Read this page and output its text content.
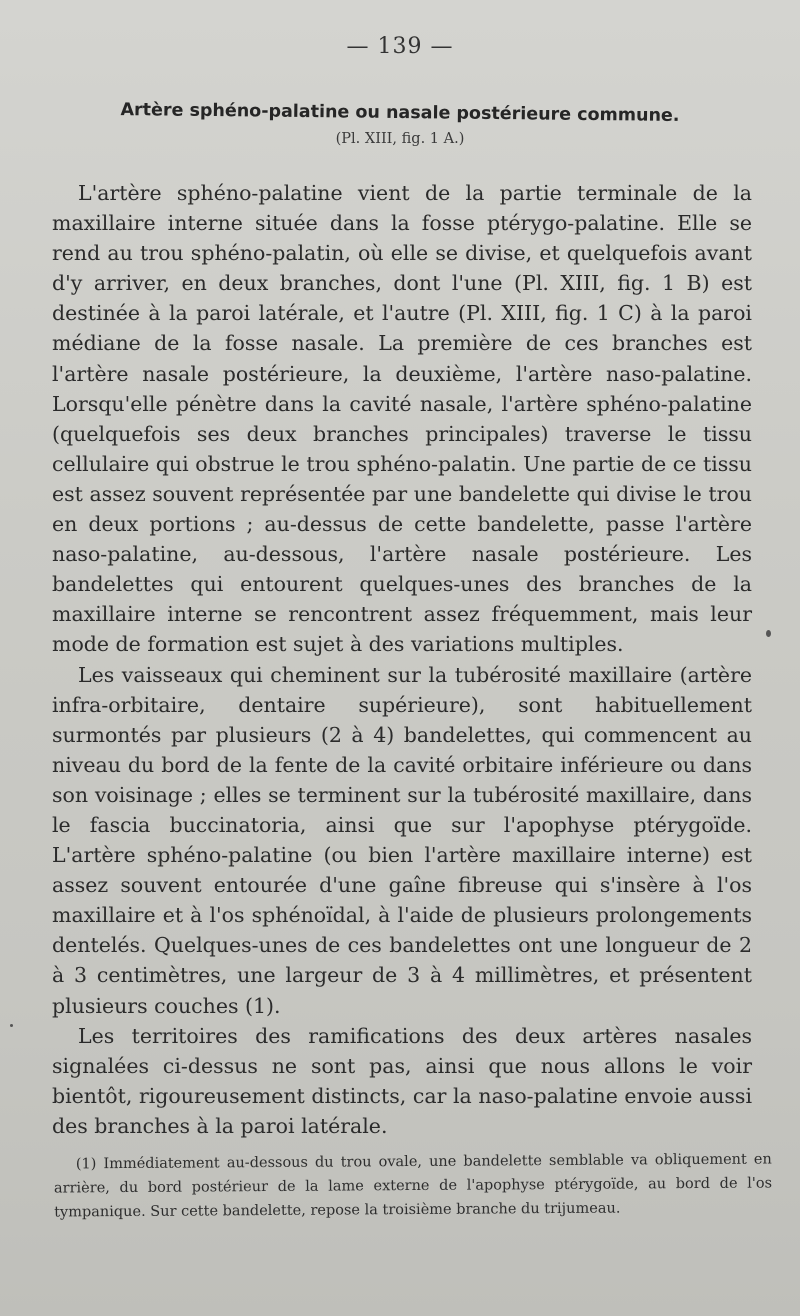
— 139 —
Artère sphéno-palatine ou nasale postérieure commune.
(Pl. XIII, fig. 1 A.)

L'artère sphéno-palatine vient de la partie terminale de la maxillaire interne située dans la fosse ptérygo-palatine. Elle se rend au trou sphéno-palatin, où elle se divise, et quelquefois avant d'y arriver, en deux branches, dont l'une (Pl. XIII, fig. 1 B) est destinée à la paroi latérale, et l'autre (Pl. XIII, fig. 1 C) à la paroi médiane de la fosse nasale. La première de ces branches est l'artère nasale postérieure, la deuxième, l'artère naso-palatine. Lorsqu'elle pénètre dans la cavité nasale, l'artère sphéno-palatine (quelquefois ses deux branches principales) traverse le tissu cellulaire qui obstrue le trou sphéno-palatin. Une partie de ce tissu est assez souvent représentée par une bandelette qui divise le trou en deux portions ; au-dessus de cette bandelette, passe l'artère naso-palatine, au-dessous, l'artère nasale postérieure. Les bandelettes qui entourent quelques-unes des branches de la maxillaire interne se rencontrent assez fréquemment, mais leur mode de formation est sujet à des variations multiples.

Les vaisseaux qui cheminent sur la tubérosité maxillaire (artère infra-orbitaire, dentaire supérieure), sont habituellement surmontés par plusieurs (2 à 4) bandelettes, qui commencent au niveau du bord de la fente de la cavité orbitaire inférieure ou dans son voisinage ; elles se terminent sur la tubérosité maxillaire, dans le fascia buccinatoria, ainsi que sur l'apophyse ptérygoïde. L'artère sphéno-palatine (ou bien l'artère maxillaire interne) est assez souvent entourée d'une gaîne fibreuse qui s'insère à l'os maxillaire et à l'os sphénoïdal, à l'aide de plusieurs prolongements dentelés. Quelques-unes de ces bandelettes ont une longueur de 2 à 3 centimètres, une largeur de 3 à 4 millimètres, et présentent plusieurs couches (1).

Les territoires des ramifications des deux artères nasales signalées ci-dessus ne sont pas, ainsi que nous allons le voir bientôt, rigoureusement distincts, car la naso-palatine envoie aussi des branches à la paroi latérale.

(1) Immédiatement au-dessous du trou ovale, une bandelette semblable va obliquement en arrière, du bord postérieur de la lame externe de l'apophyse ptérygoïde, au bord de l'os tympanique. Sur cette bandelette, repose la troisième branche du trijumeau.
